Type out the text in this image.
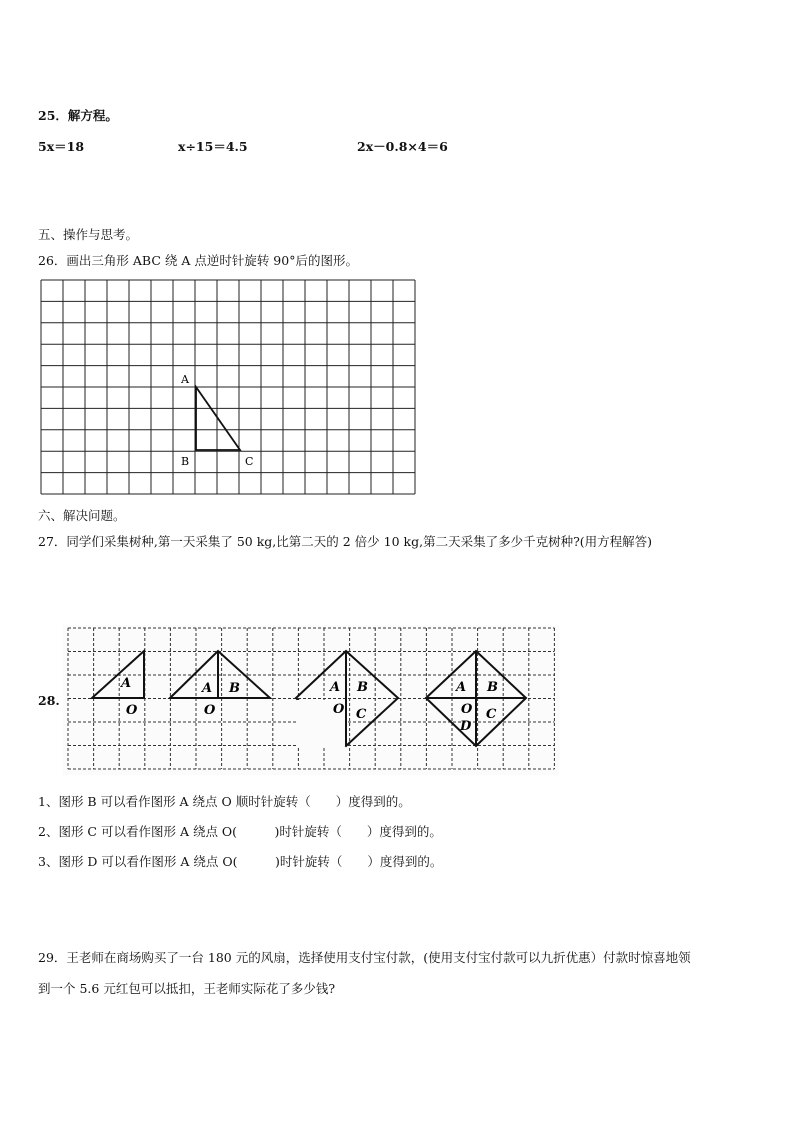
25．解方程。
5x＝18	x÷15＝4.5	2x－0.8×4＝6
五、操作与思考。
26．画出三角形 ABC 绕 A 点逆时针旋转 90°后的图形。
A
B	C
六、解决问题。
27．同学们采集树种,第一天采集了 50 kg,比第二天的 2 倍少 10 kg,第二天采集了多少千克树种?(用方程解答)
28.
A
O
A B
O
A B
O C
A B
O C
D
1、图形 B 可以看作图形 A 绕点 O 顺时针旋转（　　）度得到的。
2、图形 C 可以看作图形 A 绕点 O(　　　)时针旋转（　　）度得到的。
3、图形 D 可以看作图形 A 绕点 O(　　　)时针旋转（　　）度得到的。
29．王老师在商场购买了一台 180 元的风扇，选择使用支付宝付款，(使用支付宝付款可以九折优惠）付款时惊喜地领
到一个 5.6 元红包可以抵扣，王老师实际花了多少钱?
